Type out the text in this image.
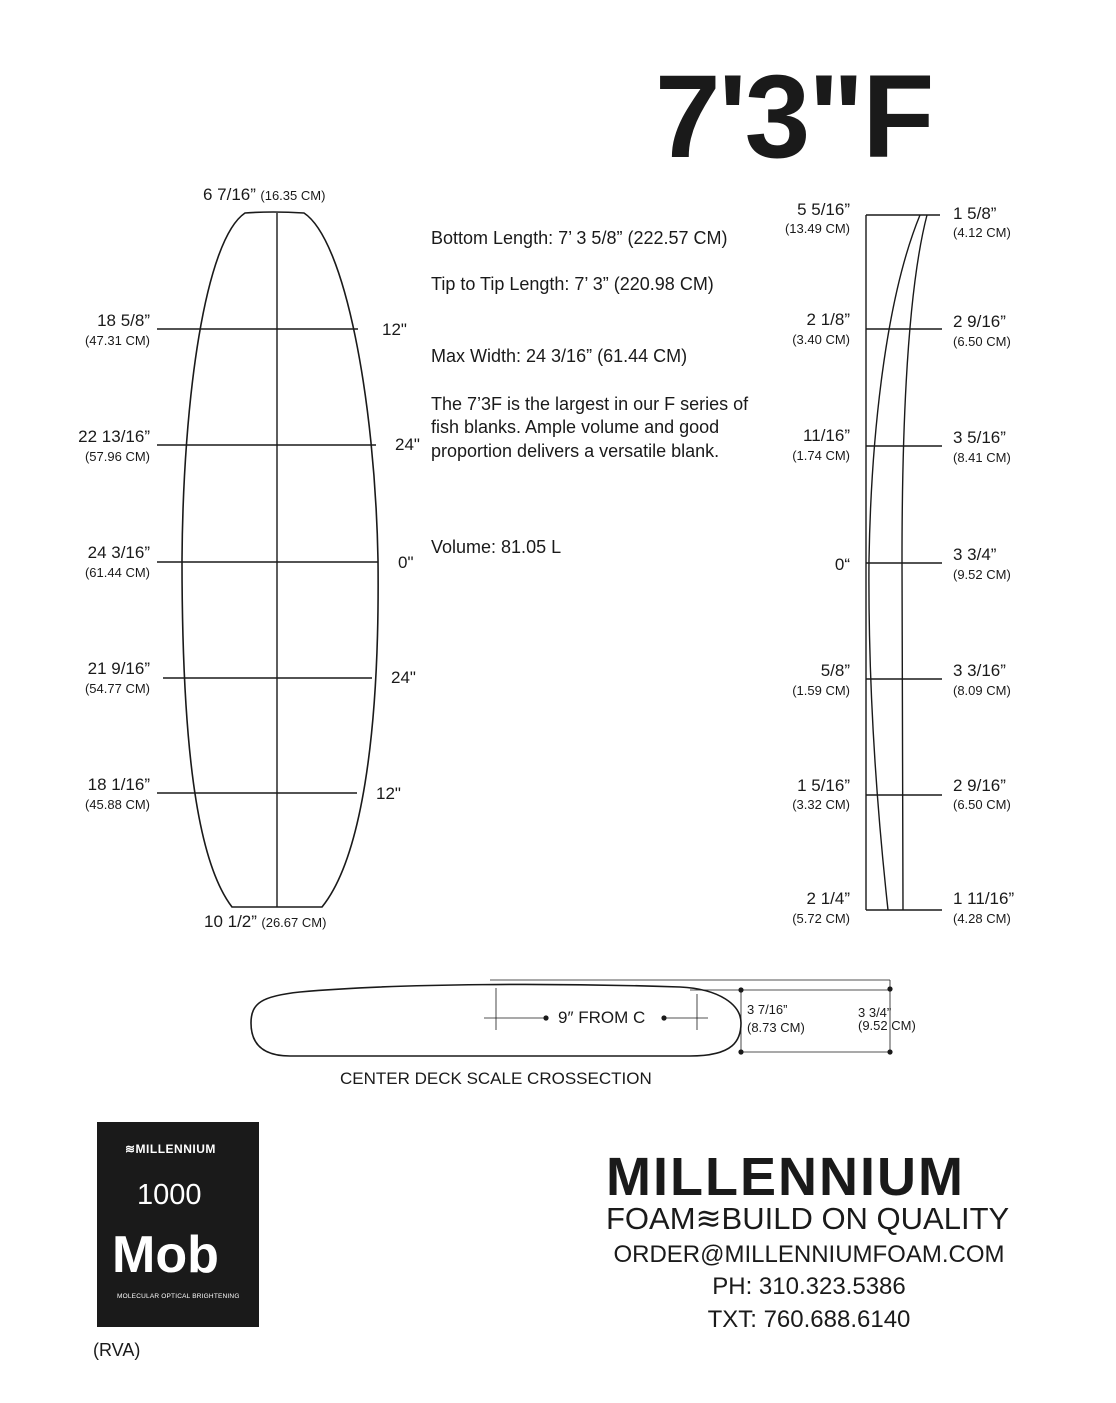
7'3"F
6 7/16” (16.35 CM)
10 1/2” (26.67 CM)
18 5/8”
(47.31 CM)
12"
22 13/16”
(57.96 CM)
24"
24 3/16”
(61.44 CM)
0"
21 9/16”
(54.77 CM)
24"
18 1/16”
(45.88 CM)
12"
Bottom Length: 7’ 3 5/8” (222.57 CM)
Tip to Tip Length: 7’ 3” (220.98 CM)
Max Width: 24 3/16” (61.44 CM)
The 7’3F is the largest in our F series of fish blanks. Ample volume and good proportion delivers a versatile blank.
Volume: 81.05 L
5 5/16”
(13.49 CM)
2 1/8”
(3.40 CM)
11/16”
(1.74 CM)
0“
5/8”
(1.59 CM)
1 5/16”
(3.32 CM)
2 1/4”
(5.72 CM)
1 5/8”
(4.12 CM)
2 9/16”
(6.50 CM)
3 5/16”
(8.41 CM)
3 3/4”
(9.52 CM)
3 3/16”
(8.09 CM)
2 9/16”
(6.50 CM)
1 11/16”
(4.28 CM)
9″ FROM C	3 7/16”
(8.73 CM)
3 3/4”
(9.52 CM)
CENTER DECK SCALE CROSSECTION
≋MILLENNIUM
1000
Mob
MOLECULAR OPTICAL BRIGHTENING
(RVA)
MILLENNIUM
FOAM≋BUILD ON QUALITY
ORDER@MILLENNIUMFOAM.COM
PH: 310.323.5386
TXT: 760.688.6140
